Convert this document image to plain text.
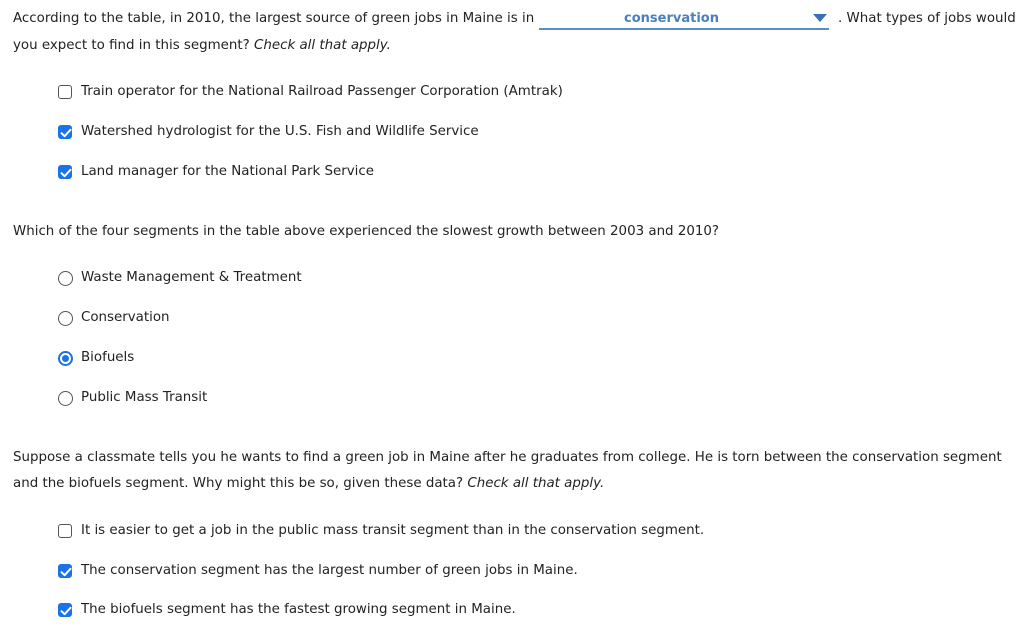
According to the table, in 2010, the largest source of green jobs in Maine is in	conservation	. What types of jobs would
you expect to find in this segment? Check all that apply.
Train operator for the National Railroad Passenger Corporation (Amtrak)
Watershed hydrologist for the U.S. Fish and Wildlife Service
Land manager for the National Park Service
Which of the four segments in the table above experienced the slowest growth between 2003 and 2010?
Waste Management & Treatment
Conservation
Biofuels
Public Mass Transit
Suppose a classmate tells you he wants to find a green job in Maine after he graduates from college. He is torn between the conservation segment
and the biofuels segment. Why might this be so, given these data? Check all that apply.
It is easier to get a job in the public mass transit segment than in the conservation segment.
The conservation segment has the largest number of green jobs in Maine.
The biofuels segment has the fastest growing segment in Maine.
